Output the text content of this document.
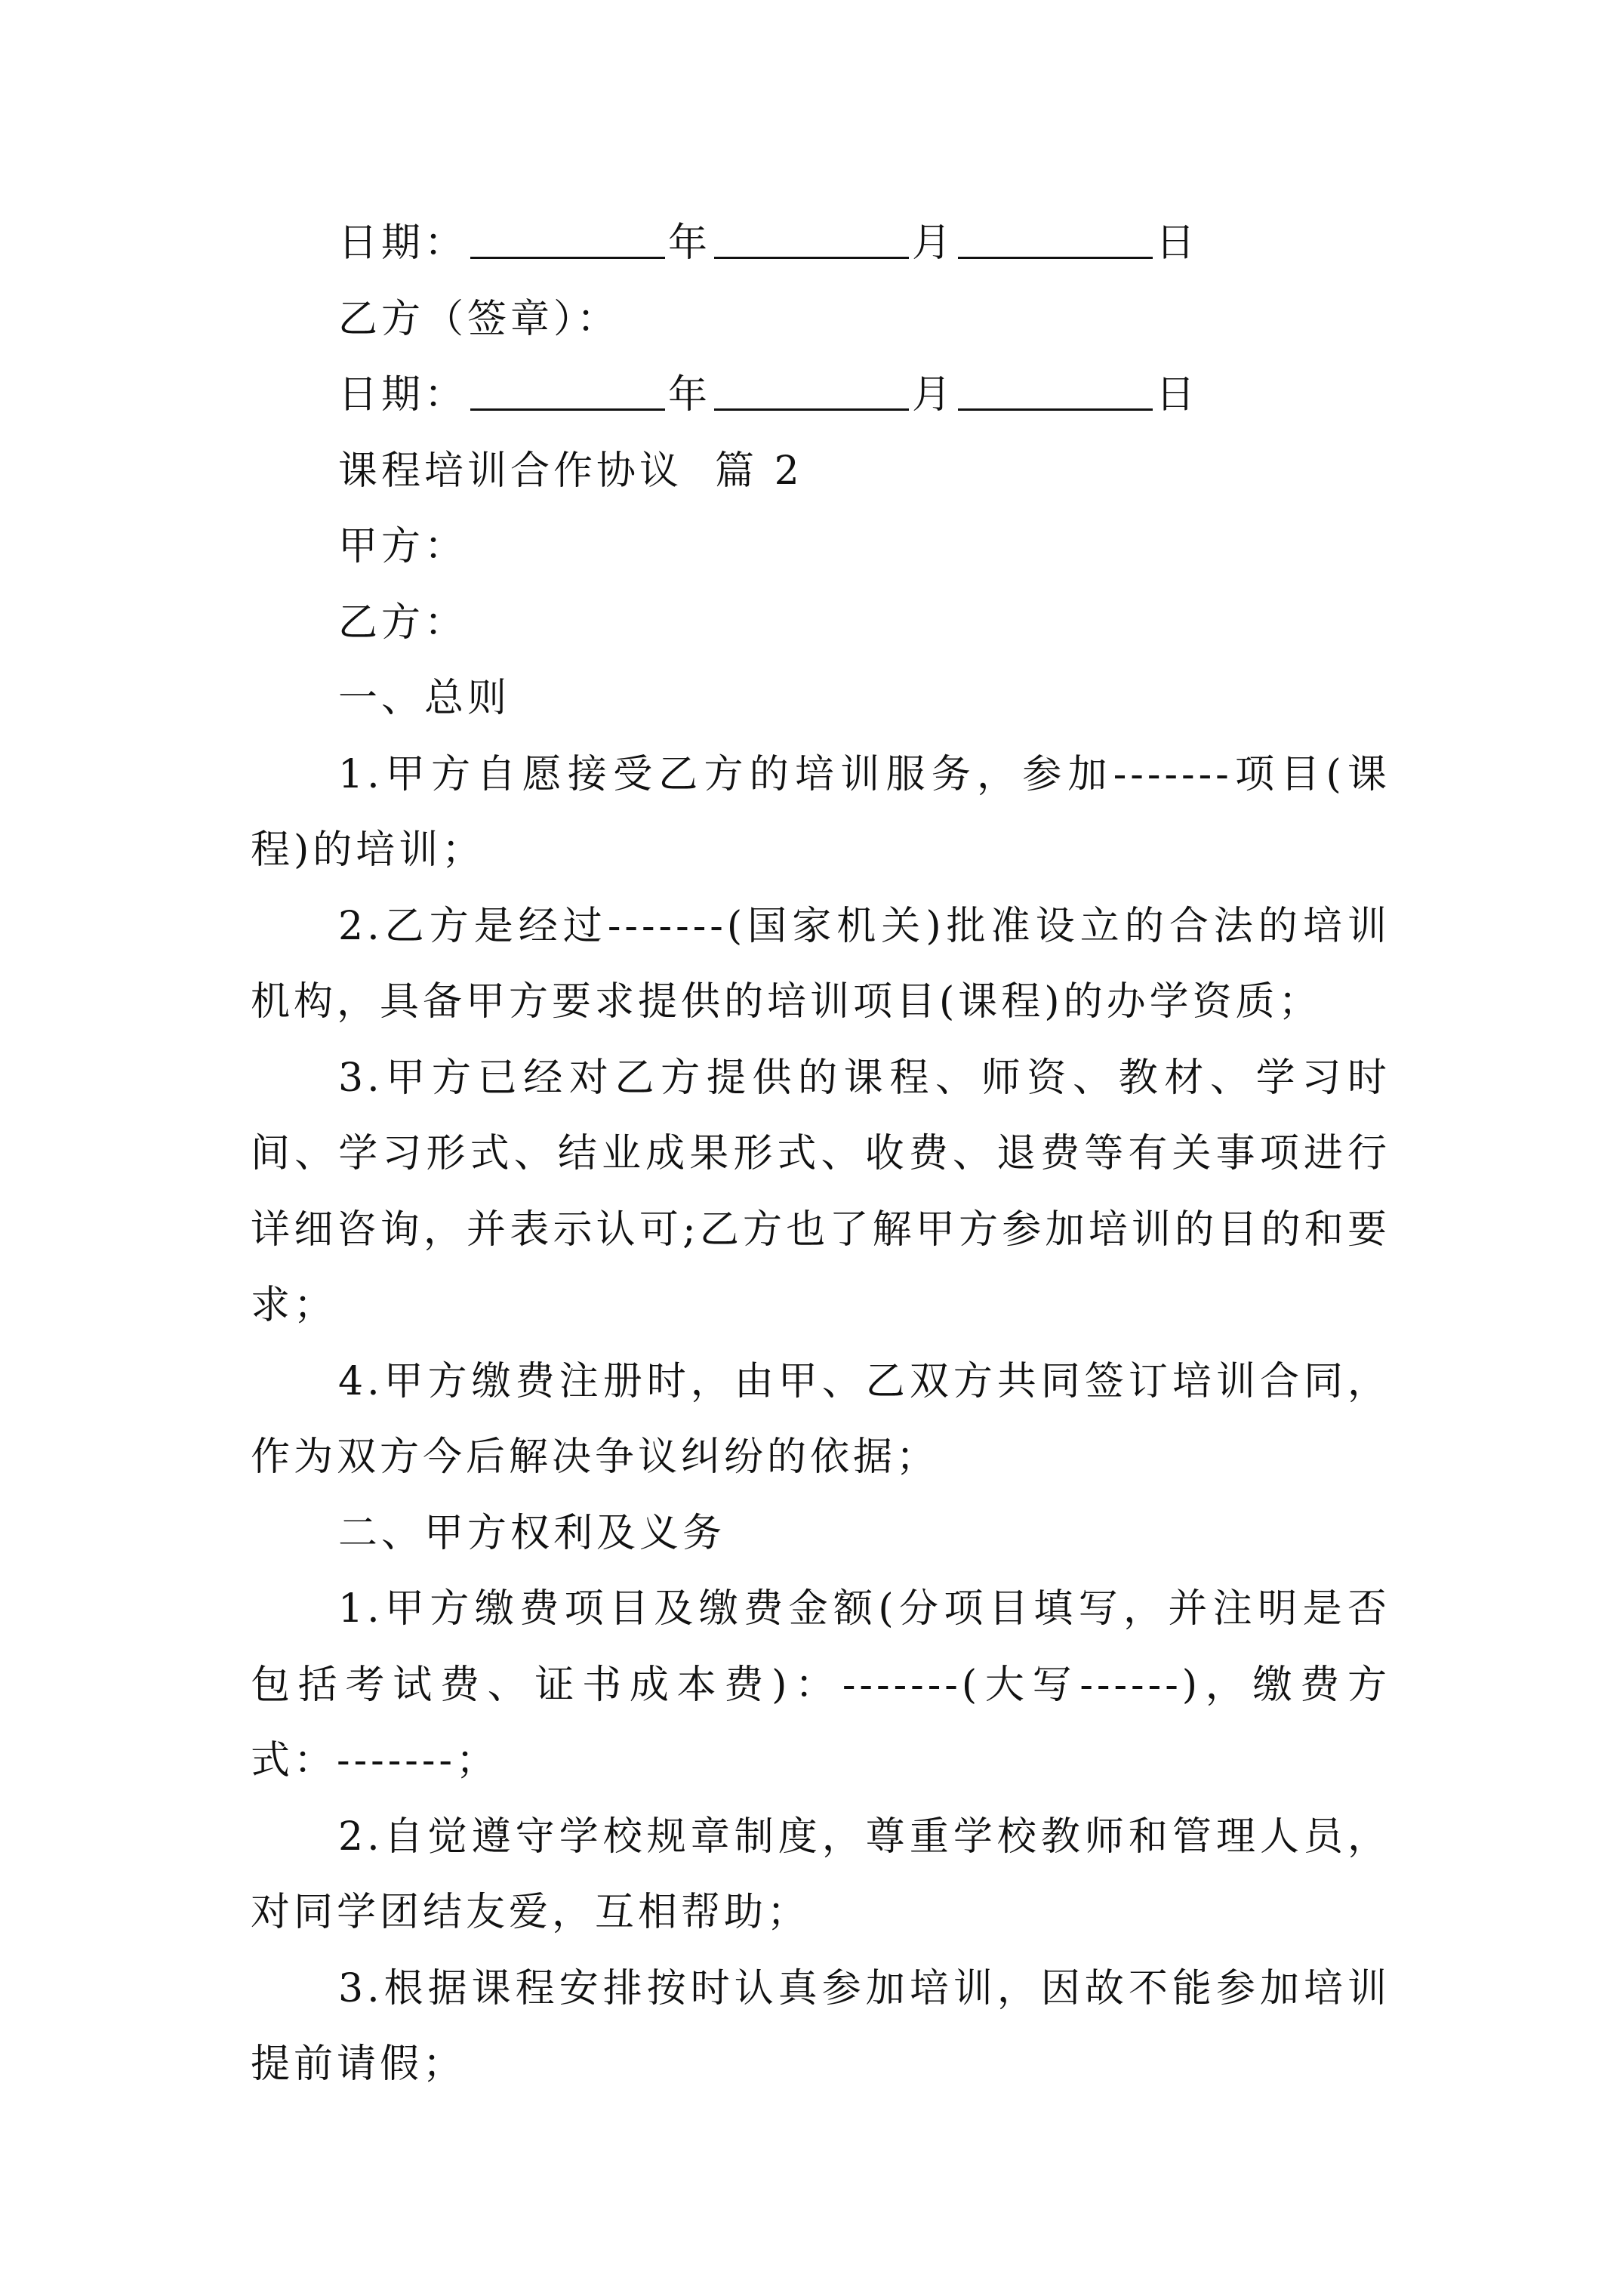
日期：	年	月	日

乙方（签章）：

日期：	年	月	日

课程培训合作协议  篇 2

甲方：

乙方：

一、总则

1.甲方自愿接受乙方的培训服务，参加-------项目(课程)的培训；

2.乙方是经过-------(国家机关)批准设立的合法的培训机构，具备甲方要求提供的培训项目(课程)的办学资质；

3.甲方已经对乙方提供的课程、师资、教材、学习时间、学习形式、结业成果形式、收费、退费等有关事项进行详细咨询，并表示认可;乙方也了解甲方参加培训的目的和要求；

4.甲方缴费注册时，由甲、乙双方共同签订培训合同，作为双方今后解决争议纠纷的依据；

二、甲方权利及义务

1.甲方缴费项目及缴费金额(分项目填写，并注明是否包括考试费、证书成本费)：-------(大写------)，缴费方式：-------；

2.自觉遵守学校规章制度，尊重学校教师和管理人员，对同学团结友爱，互相帮助；

3.根据课程安排按时认真参加培训，因故不能参加培训提前请假；
